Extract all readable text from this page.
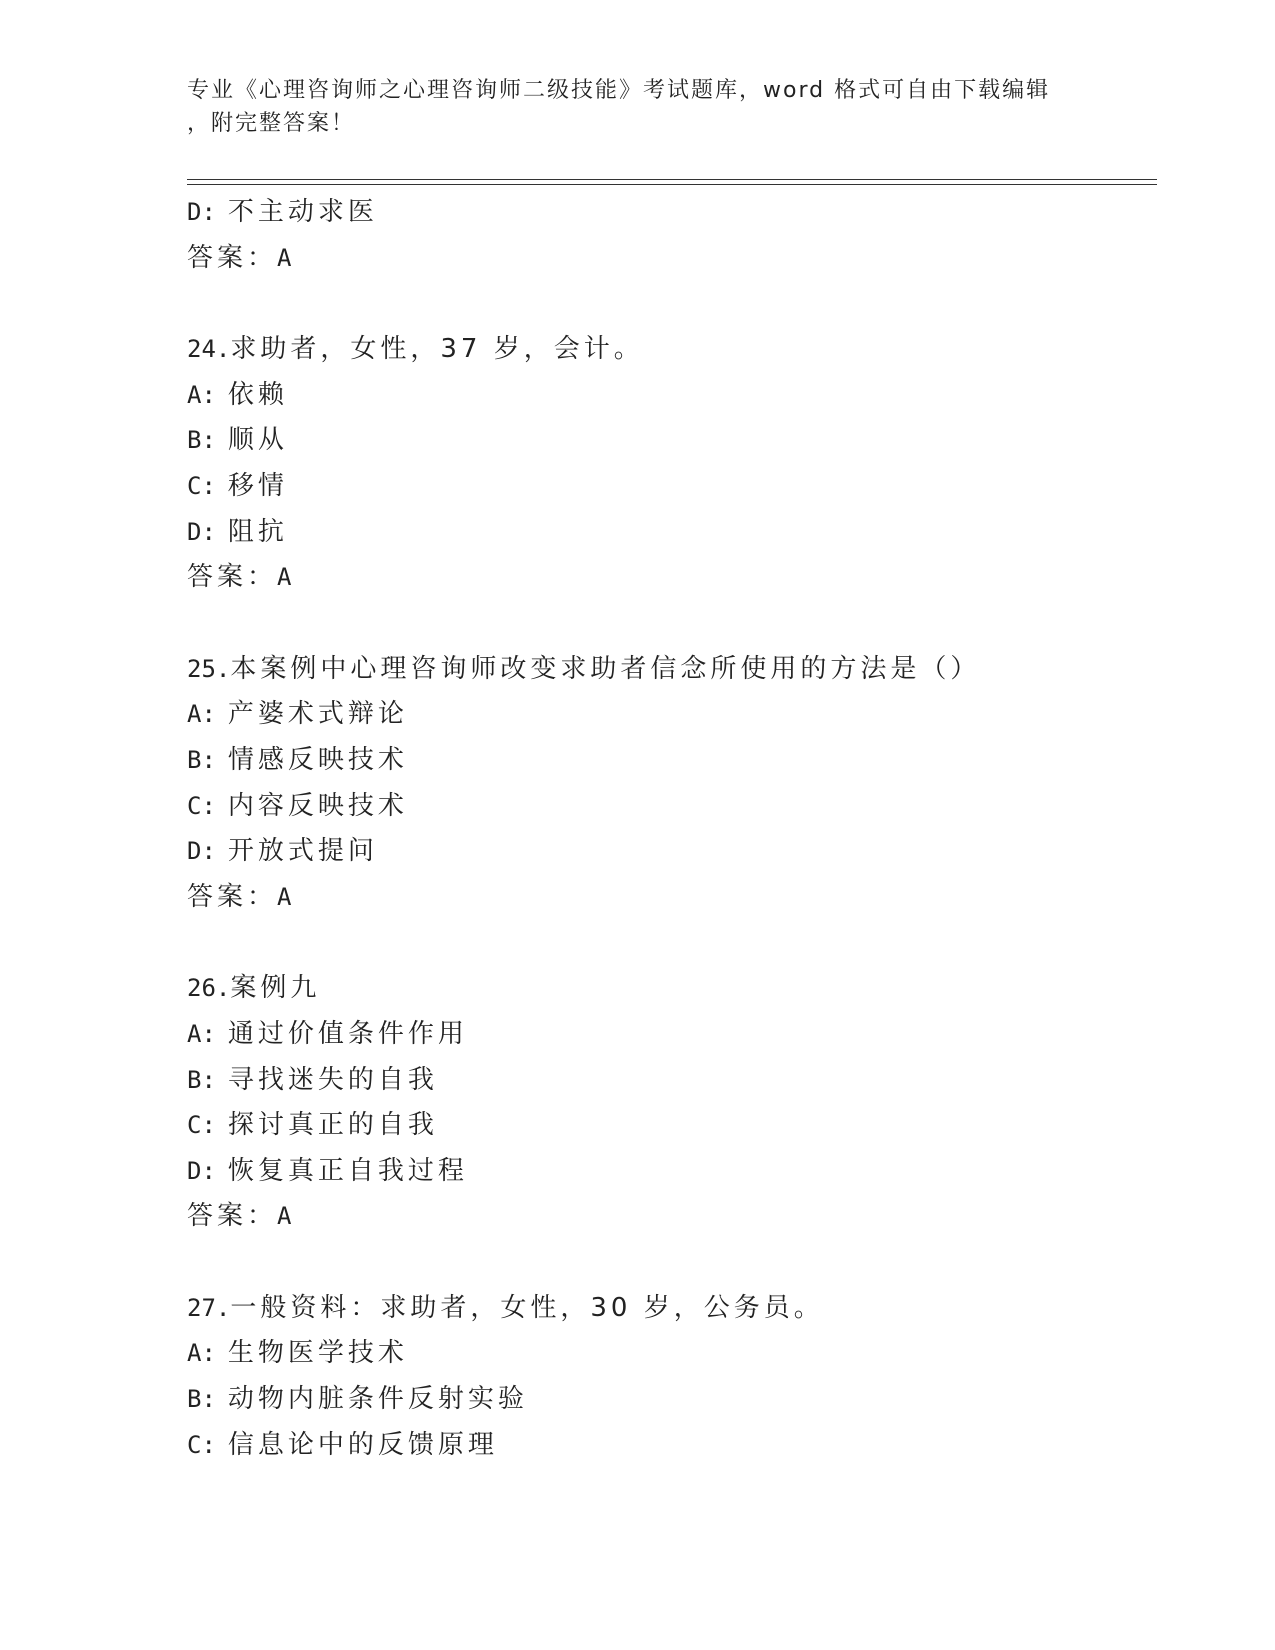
专业《心理咨询师之心理咨询师二级技能》考试题库，word 格式可自由下载编辑
，附完整答案！
D: 不主动求医
答案：A
24.求助者，女性，37 岁，会计。
A: 依赖
B: 顺从
C: 移情
D: 阻抗
答案：A
25.本案例中心理咨询师改变求助者信念所使用的方法是（）
A: 产婆术式辩论
B: 情感反映技术
C: 内容反映技术
D: 开放式提问
答案：A
26.案例九
A: 通过价值条件作用
B: 寻找迷失的自我
C: 探讨真正的自我
D: 恢复真正自我过程
答案：A
27.一般资料：求助者，女性，30 岁，公务员。
A: 生物医学技术
B: 动物内脏条件反射实验
C: 信息论中的反馈原理
